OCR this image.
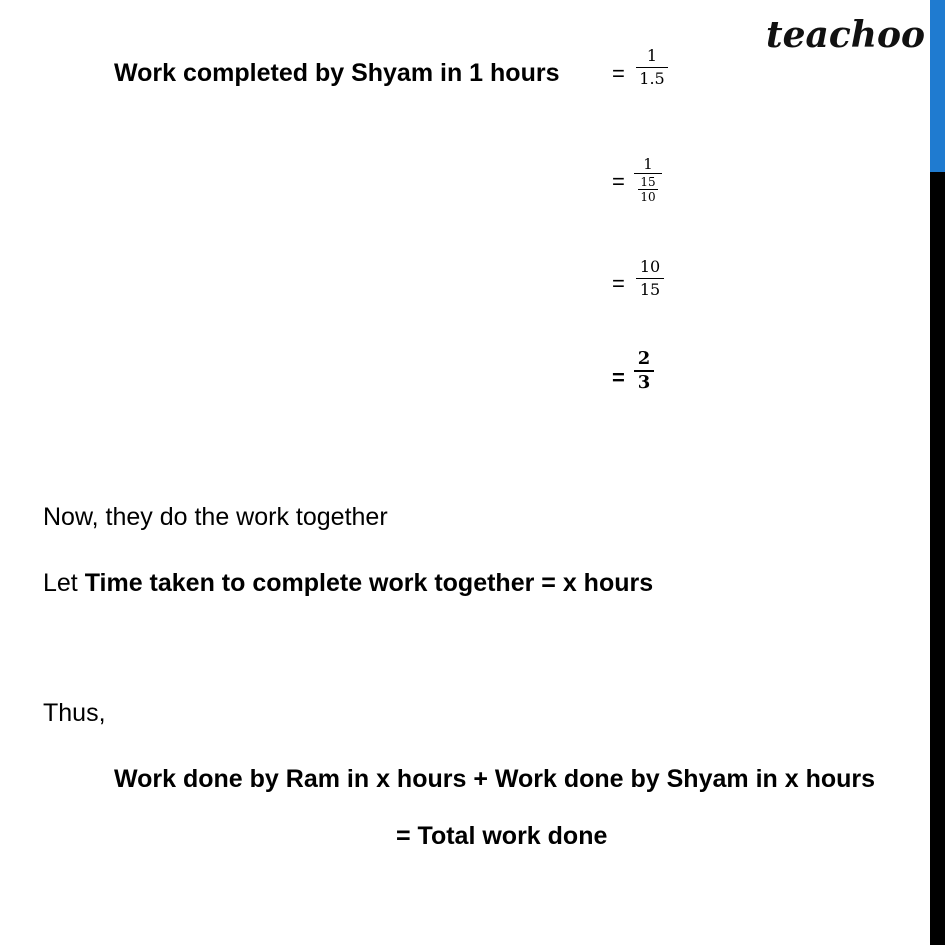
teachoo
Work completed by Shyam in 1 hours =
1
1.5
=
1
15
10
=
10
15
=
2
3
Now, they do the work together
Let Time taken to complete work together = x hours
Thus,
Work done by Ram in x hours + Work done by Shyam in x hours
= Total work done
